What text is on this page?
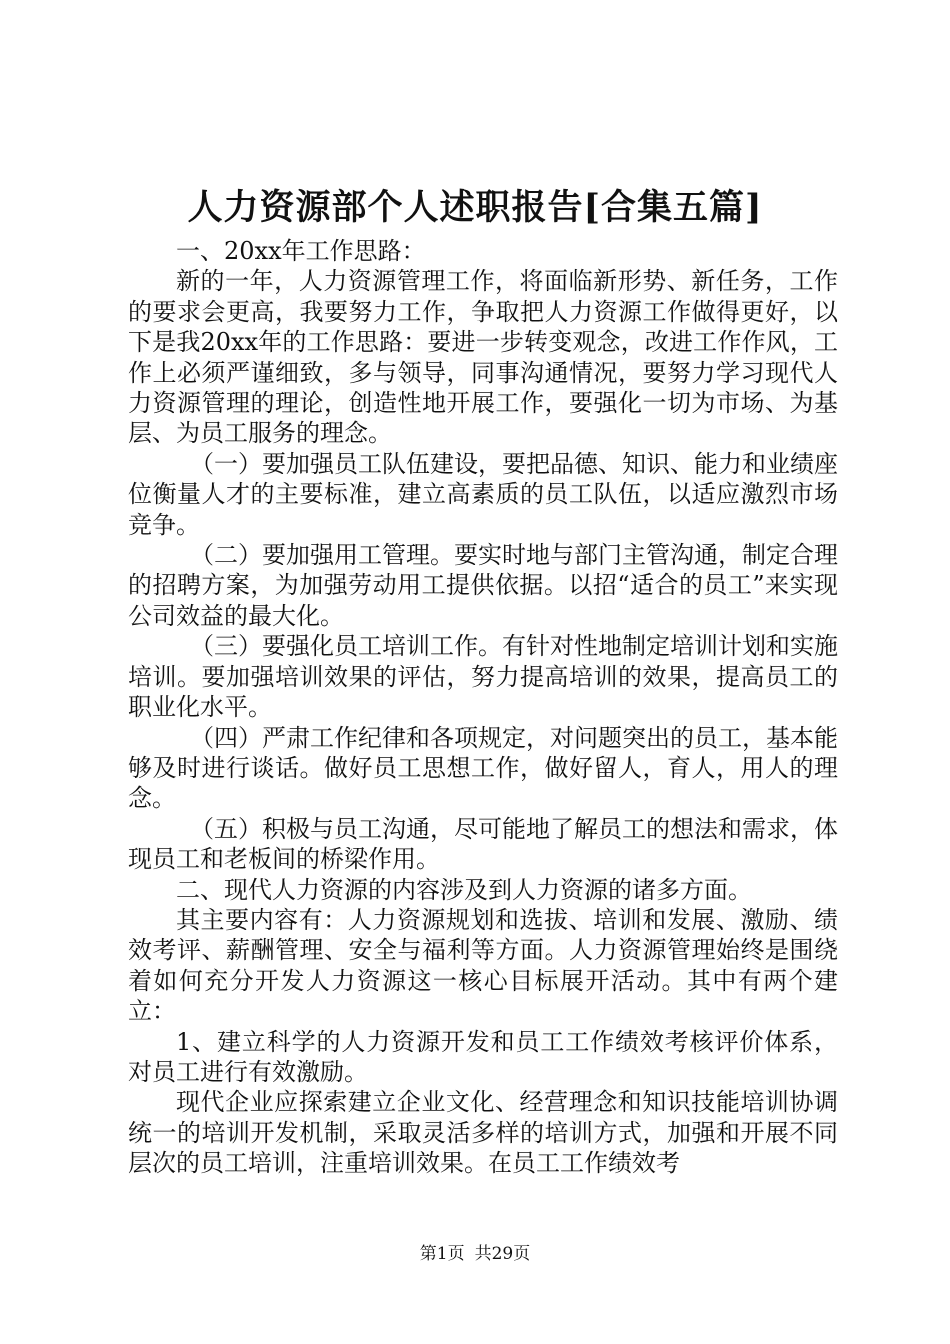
人力资源部个人述职报告[合集五篇]

一、20xx年工作思路：

新的一年，人力资源管理工作，将面临新形势、新任务，工作的要求会更高，我要努力工作，争取把人力资源工作做得更好，以下是我20xx年的工作思路：要进一步转变观念，改进工作作风，工作上必须严谨细致，多与领导，同事沟通情况，要努力学习现代人力资源管理的理论，创造性地开展工作，要强化一切为市场、为基层、为员工服务的理念。

（一）要加强员工队伍建设，要把品德、知识、能力和业绩座位衡量人才的主要标准，建立高素质的员工队伍，以适应激烈市场竞争。

（二）要加强用工管理。要实时地与部门主管沟通，制定合理的招聘方案，为加强劳动用工提供依据。以招“适合的员工”来实现公司效益的最大化。

（三）要强化员工培训工作。有针对性地制定培训计划和实施培训。要加强培训效果的评估，努力提高培训的效果，提高员工的职业化水平。

（四）严肃工作纪律和各项规定，对问题突出的员工，基本能够及时进行谈话。做好员工思想工作，做好留人，育人，用人的理念。

（五）积极与员工沟通，尽可能地了解员工的想法和需求，体现员工和老板间的桥梁作用。

二、现代人力资源的内容涉及到人力资源的诸多方面。

其主要内容有：人力资源规划和选拔、培训和发展、激励、绩效考评、薪酬管理、安全与福利等方面。人力资源管理始终是围绕着如何充分开发人力资源这一核心目标展开活动。其中有两个建立：

1、建立科学的人力资源开发和员工工作绩效考核评价体系，对员工进行有效激励。

现代企业应探索建立企业文化、经营理念和知识技能培训协调统一的培训开发机制，采取灵活多样的培训方式，加强和开展不同层次的员工培训，注重培训效果。在员工工作绩效考

第1页 共29页
